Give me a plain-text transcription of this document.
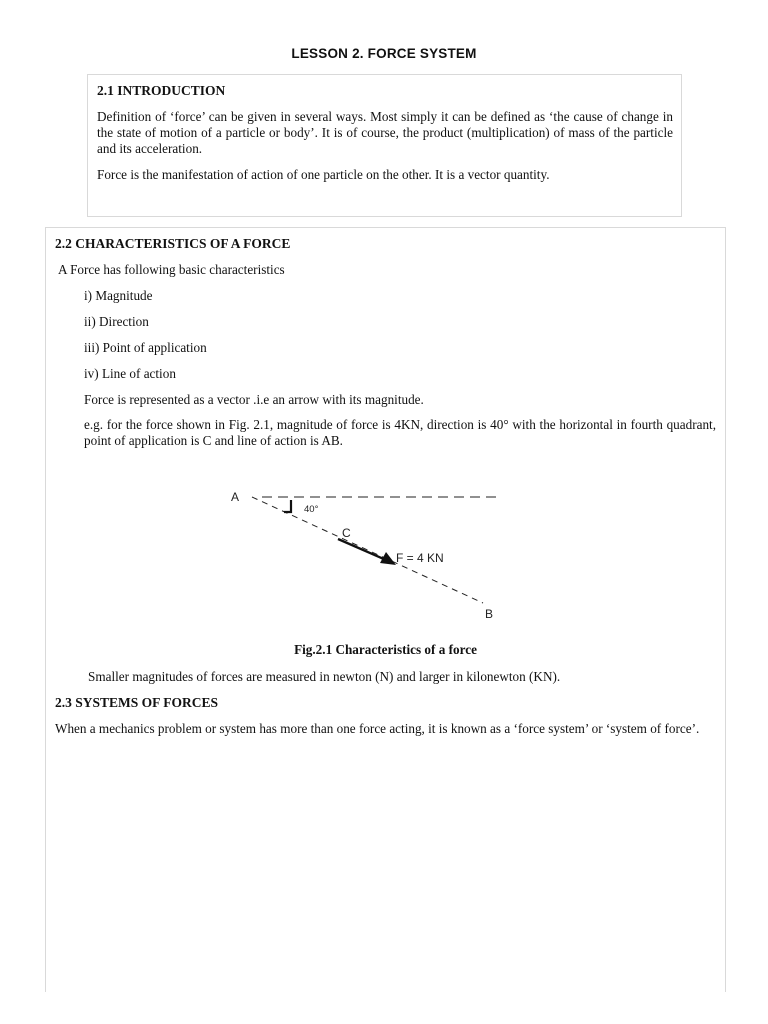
LESSON 2. FORCE SYSTEM
2.1 INTRODUCTION
Definition of ‘force’ can be given in several ways. Most simply it can be defined as ‘the cause of change in the state of motion of a particle or body’. It is of course, the product (multiplication) of mass of the particle and its acceleration.
Force is the manifestation of action of one particle on the other. It is a vector quantity.
2.2 CHARACTERISTICS OF A FORCE
A Force has following basic characteristics
i) Magnitude
ii) Direction
iii) Point of application
iv) Line of action
Force is represented as a vector .i.e an arrow with its magnitude.
e.g. for the force shown in Fig. 2.1, magnitude of force is 4KN, direction is 40° with the horizontal in fourth quadrant, point of application is C and line of action is AB.
Fig.2.1 Characteristics of a force
Smaller magnitudes of forces are measured in newton (N) and larger in kilonewton (KN).
2.3 SYSTEMS OF FORCES
When a mechanics problem or system has more than one force acting, it is known as a ‘force system’ or ‘system of force’.
A
B
C
40°
F = 4 KN
